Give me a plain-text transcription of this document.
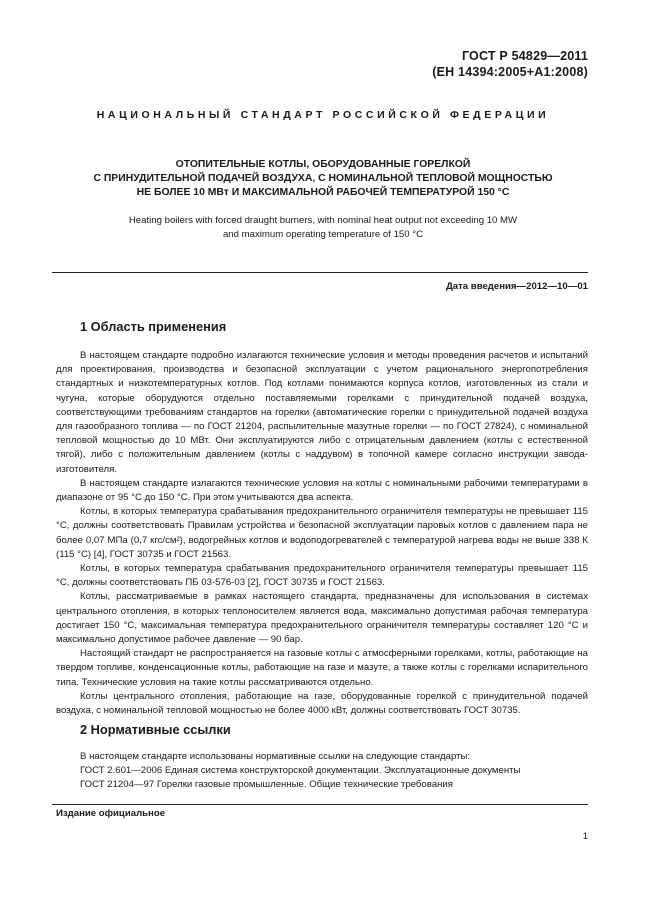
ГОСТ Р 54829—2011
(ЕН 14394:2005+А1:2008)
НАЦИОНАЛЬНЫЙ СТАНДАРТ РОССИЙСКОЙ ФЕДЕРАЦИИ
ОТОПИТЕЛЬНЫЕ КОТЛЫ, ОБОРУДОВАННЫЕ ГОРЕЛКОЙ
С ПРИНУДИТЕЛЬНОЙ ПОДАЧЕЙ ВОЗДУХА, С НОМИНАЛЬНОЙ ТЕПЛОВОЙ МОЩНОСТЬЮ
НЕ БОЛЕЕ 10 МВт И МАКСИМАЛЬНОЙ РАБОЧЕЙ ТЕМПЕРАТУРОЙ 150 °С
Heating boilers with forced draught burners, with nominal heat output not exceeding 10 MW
and maximum operating temperature of 150 °С
Дата введения—2012—10—01
1 Область применения

В настоящем стандарте подробно излагаются технические условия и методы проведения расчетов и испытаний для проектирования, производства и безопасной эксплуатации с учетом рационального энергопотребления стандартных и низкотемпературных котлов. Под котлами понимаются корпуса котлов, изготовленных из стали и чугуна, которые оборудуются отдельно поставляемыми горелками с принудительной подачей воздуха, соответствующими требованиям стандартов на горелки (автоматические горелки с принудительной подачей воздуха для газообразного топлива — по ГОСТ 21204, распылительные мазутные горелки — по ГОСТ 27824), с номинальной тепловой мощностью до 10 МВт. Они эксплуатируются либо с отрицательным давлением (котлы с естественной тягой), либо с положительным давлением (котлы с наддувом) в топочной камере согласно инструкции завода-изготовителя.

В настоящем стандарте излагаются технические условия на котлы с номинальными рабочими температурами в диапазоне от 95 °С до 150 °С. При этом учитываются два аспекта.

Котлы, в которых температура срабатывания предохранительного ограничителя температуры не превышает 115 °С, должны соответствовать Правилам устройства и безопасной эксплуатации паровых котлов с давлением пара не более 0,07 МПа (0,7 кгс/см²), водогрейных котлов и водоподогревателей с температурой нагрева воды не выше 338 К (115 °С) [4], ГОСТ 30735 и ГОСТ 21563.

Котлы, в которых температура срабатывания предохранительного ограничителя температуры превышает 115 °С, должны соответствовать ПБ 03-576-03 [2], ГОСТ 30735 и ГОСТ 21563.

Котлы, рассматриваемые в рамках настоящего стандарта, предназначены для использования в системах центрального отопления, в которых теплоносителем является вода, максимально допустимая рабочая температура достигает 150 °С, максимальная температура предохранительного ограничителя температуры составляет 120 °С и максимально допустимое рабочее давление — 90 бар.

Настоящий стандарт не распространяется на газовые котлы с атмосферными горелками, котлы, работающие на твердом топливе, конденсационные котлы, работающие на газе и мазуте, а также котлы с горелками испарительного типа. Технические условия на такие котлы рассматриваются отдельно.

Котлы центрального отопления, работающие на газе, оборудованные горелкой с принудительной подачей воздуха, с номинальной тепловой мощностью не более 4000 кВт, должны соответствовать ГОСТ 30735.

2 Нормативные ссылки

В настоящем стандарте использованы нормативные ссылки на следующие стандарты:

ГОСТ 2.601—2006 Единая система конструкторской документации. Эксплуатационные документы

ГОСТ 21204—97 Горелки газовые промышленные. Общие технические требования

Издание официальное
1
